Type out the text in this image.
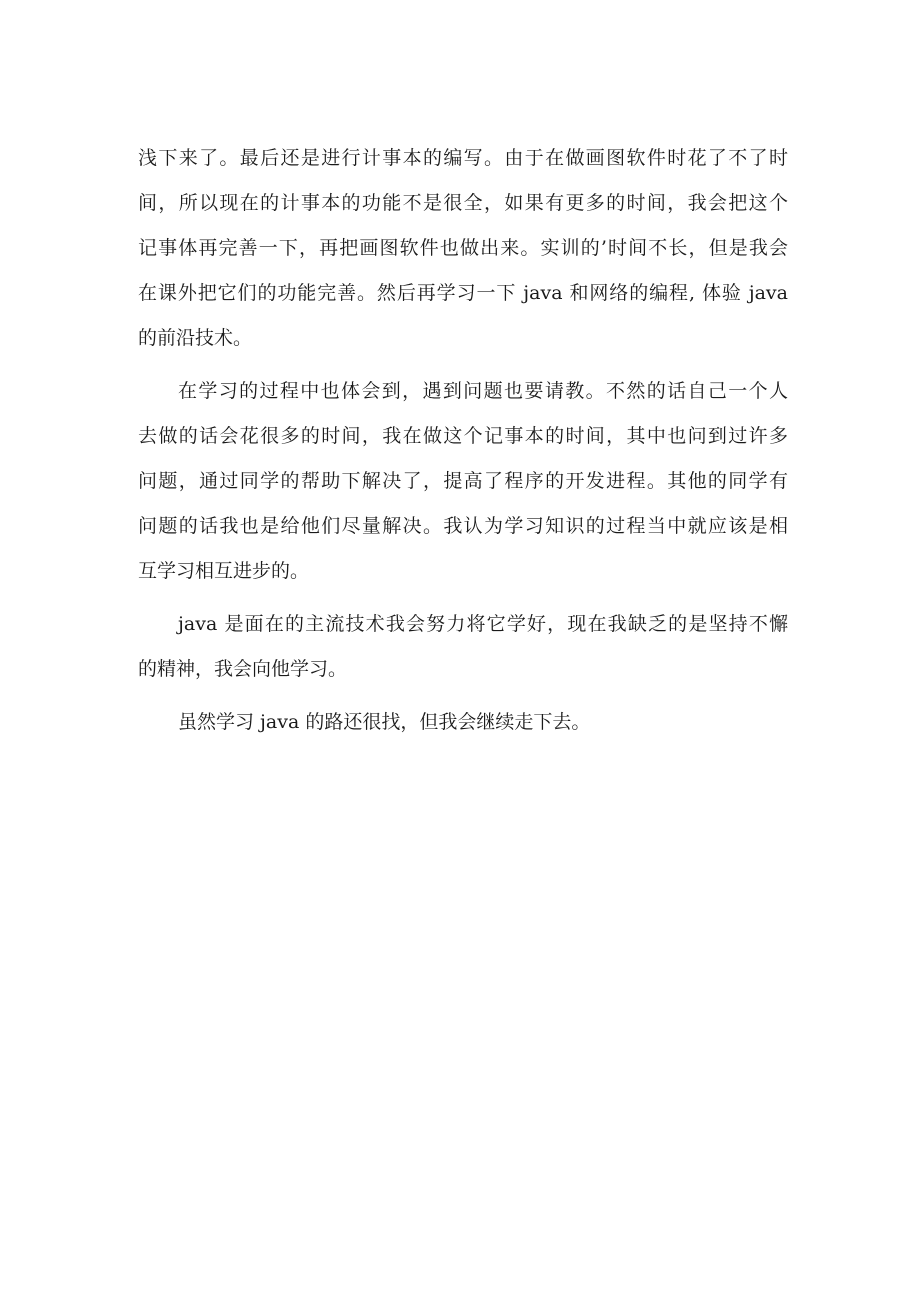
浅下来了。最后还是进行计事本的编写。由于在做画图软件时花了不了时
间，所以现在的计事本的功能不是很全，如果有更多的时间，我会把这个
记事体再完善一下，再把画图软件也做出来。实训的’时间不长，但是我会
在课外把它们的功能完善。然后再学习一下 java 和网络的编程, 体验 java
的前沿技术。

在学习的过程中也体会到，遇到问题也要请教。不然的话自己一个人
去做的话会花很多的时间，我在做这个记事本的时间，其中也问到过许多
问题，通过同学的帮助下解决了，提高了程序的开发进程。其他的同学有
问题的话我也是给他们尽量解决。我认为学习知识的过程当中就应该是相
互学习相互进步的。

java 是面在的主流技术我会努力将它学好，现在我缺乏的是坚持不懈
的精神，我会向他学习。

虽然学习 java 的路还很找，但我会继续走下去。
